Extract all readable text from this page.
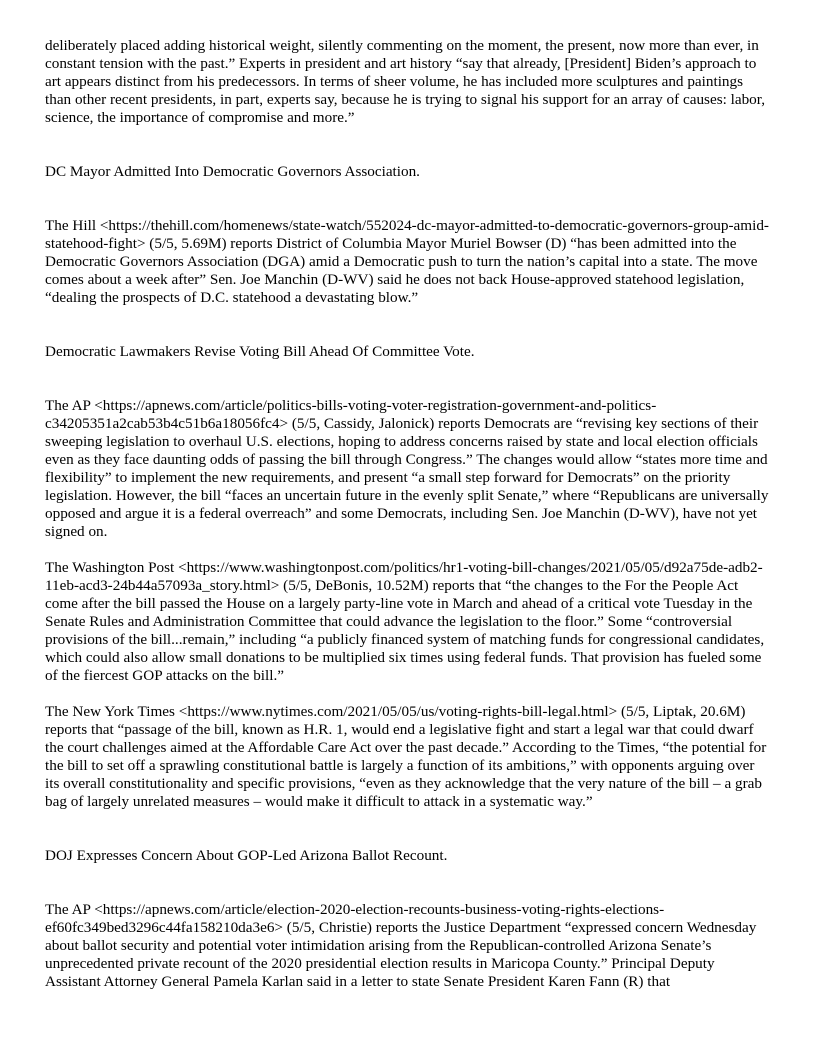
deliberately placed adding historical weight, silently commenting on the moment, the present, now more than ever, in constant tension with the past.” Experts in president and art history “say that already, [President] Biden’s approach to art appears distinct from his predecessors. In terms of sheer volume, he has included more sculptures and paintings than other recent presidents, in part, experts say, because he is trying to signal his support for an array of causes: labor, science, the importance of compromise and more.”

DC Mayor Admitted Into Democratic Governors Association.

The Hill <https://thehill.com/homenews/state-watch/552024-dc-mayor-admitted-to-democratic-governors-group-amid-statehood-fight> (5/5, 5.69M) reports District of Columbia Mayor Muriel Bowser (D) “has been admitted into the Democratic Governors Association (DGA) amid a Democratic push to turn the nation’s capital into a state. The move comes about a week after” Sen. Joe Manchin (D-WV) said he does not back House-approved statehood legislation, “dealing the prospects of D.C. statehood a devastating blow.”

Democratic Lawmakers Revise Voting Bill Ahead Of Committee Vote.

The AP <https://apnews.com/article/politics-bills-voting-voter-registration-government-and-politics-c34205351a2cab53b4c51b6a18056fc4> (5/5, Cassidy, Jalonick) reports Democrats are “revising key sections of their sweeping legislation to overhaul U.S. elections, hoping to address concerns raised by state and local election officials even as they face daunting odds of passing the bill through Congress.” The changes would allow “states more time and flexibility” to implement the new requirements, and present “a small step forward for Democrats” on the priority legislation. However, the bill “faces an uncertain future in the evenly split Senate,” where “Republicans are universally opposed and argue it is a federal overreach” and some Democrats, including Sen. Joe Manchin (D-WV), have not yet signed on.

The Washington Post <https://www.washingtonpost.com/politics/hr1-voting-bill-changes/2021/05/05/d92a75de-adb2-11eb-acd3-24b44a57093a_story.html> (5/5, DeBonis, 10.52M) reports that “the changes to the For the People Act come after the bill passed the House on a largely party-line vote in March and ahead of a critical vote Tuesday in the Senate Rules and Administration Committee that could advance the legislation to the floor.” Some “controversial provisions of the bill...remain,” including “a publicly financed system of matching funds for congressional candidates, which could also allow small donations to be multiplied six times using federal funds. That provision has fueled some of the fiercest GOP attacks on the bill.”

The New York Times <https://www.nytimes.com/2021/05/05/us/voting-rights-bill-legal.html> (5/5, Liptak, 20.6M) reports that “passage of the bill, known as H.R. 1, would end a legislative fight and start a legal war that could dwarf the court challenges aimed at the Affordable Care Act over the past decade.” According to the Times, “the potential for the bill to set off a sprawling constitutional battle is largely a function of its ambitions,” with opponents arguing over its overall constitutionality and specific provisions, “even as they acknowledge that the very nature of the bill – a grab bag of largely unrelated measures – would make it difficult to attack in a systematic way.”

DOJ Expresses Concern About GOP-Led Arizona Ballot Recount.

The AP <https://apnews.com/article/election-2020-election-recounts-business-voting-rights-elections-ef60fc349bed3296c44fa158210da3e6> (5/5, Christie) reports the Justice Department “expressed concern Wednesday about ballot security and potential voter intimidation arising from the Republican-controlled Arizona Senate’s unprecedented private recount of the 2020 presidential election results in Maricopa County.” Principal Deputy Assistant Attorney General Pamela Karlan said in a letter to state Senate President Karen Fann (R) that
